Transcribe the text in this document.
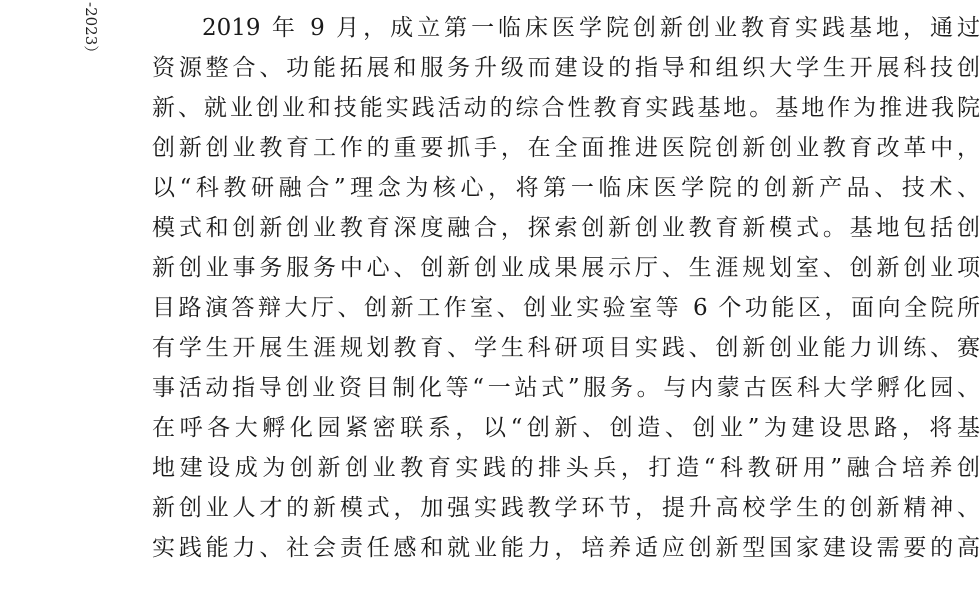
-2023）	2019 年 9 月，成立第一临床医学院创新创业教育实践基地，通过
资源整合、功能拓展和服务升级而建设的指导和组织大学生开展科技创
新、就业创业和技能实践活动的综合性教育实践基地。基地作为推进我院
创新创业教育工作的重要抓手，在全面推进医院创新创业教育改革中，
以“科教研融合”理念为核心，将第一临床医学院的创新产品、技术、
模式和创新创业教育深度融合，探索创新创业教育新模式。基地包括创
新创业事务服务中心、创新创业成果展示厅、生涯规划室、创新创业项
目路演答辩大厅、创新工作室、创业实验室等 6 个功能区，面向全院所
有学生开展生涯规划教育、学生科研项目实践、创新创业能力训练、赛
事活动指导创业资目制化等“一站式”服务。与内蒙古医科大学孵化园、
在呼各大孵化园紧密联系，以“创新、创造、创业”为建设思路，将基
地建设成为创新创业教育实践的排头兵，打造“科教研用”融合培养创
新创业人才的新模式，加强实践教学环节，提升高校学生的创新精神、
实践能力、社会责任感和就业能力，培养适应创新型国家建设需要的高
